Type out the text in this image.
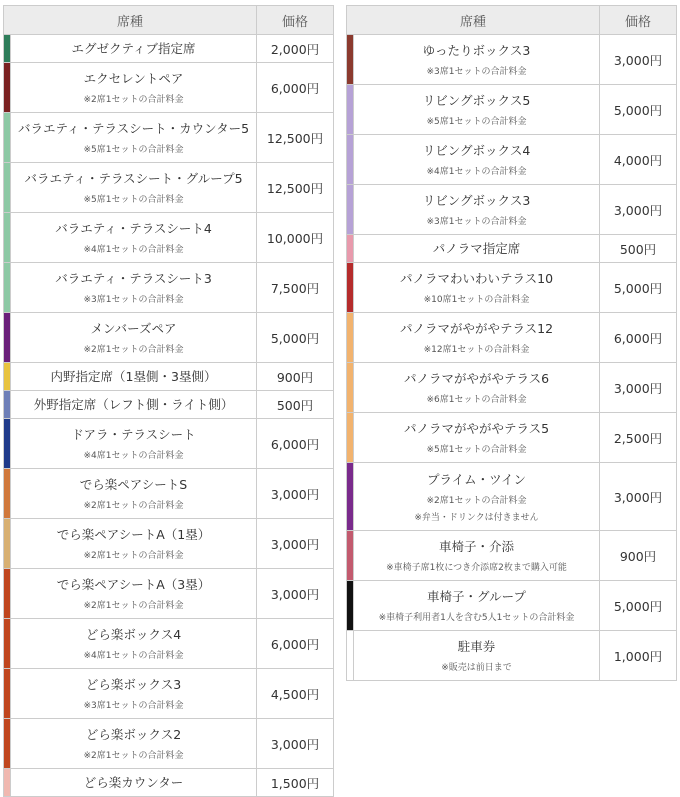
席種		価格

	エグゼクティブ指定席	2,000円

	エクセレントペア
※2席1セットの合計料金	6,000円

	バラエティ・テラスシート・カウンター5
※5席1セットの合計料金	12,500円

	バラエティ・テラスシート・グループ5
※5席1セットの合計料金	12,500円

	バラエティ・テラスシート4
※4席1セットの合計料金	10,000円

	バラエティ・テラスシート3
※3席1セットの合計料金	7,500円

	メンバーズペア
※2席1セットの合計料金	5,000円

	内野指定席（1塁側・3塁側）	900円

	外野指定席（レフト側・ライト側）	500円

	ドアラ・テラスシート
※4席1セットの合計料金	6,000円

	でら楽ペアシートS
※2席1セットの合計料金	3,000円

	でら楽ペアシートA（1塁）
※2席1セットの合計料金	3,000円

	でら楽ペアシートA（3塁）
※2席1セットの合計料金	3,000円

	どら楽ボックス4
※4席1セットの合計料金	6,000円

	どら楽ボックス3
※3席1セットの合計料金	4,500円

	どら楽ボックス2
※2席1セットの合計料金	3,000円

	どら楽カウンター	1,500円
席種		価格

	ゆったりボックス3
※3席1セットの合計料金	3,000円

	リビングボックス5
※5席1セットの合計料金	5,000円

	リビングボックス4
※4席1セットの合計料金	4,000円

	リビングボックス3
※3席1セットの合計料金	3,000円

	パノラマ指定席	500円

	パノラマわいわいテラス10
※10席1セットの合計料金	5,000円

	パノラマがやがやテラス12
※12席1セットの合計料金	6,000円

	パノラマがやがやテラス6
※6席1セットの合計料金	3,000円

	パノラマがやがやテラス5
※5席1セットの合計料金	2,500円

	プライム・ツイン
※2席1セットの合計料金
※弁当・ドリンクは付きません	3,000円

	車椅子・介添
※車椅子席1枚につき介添席2枚まで購入可能	900円

	車椅子・グループ
※車椅子利用者1人を含む5人1セットの合計料金	5,000円

	駐車券
※販売は前日まで	1,000円
